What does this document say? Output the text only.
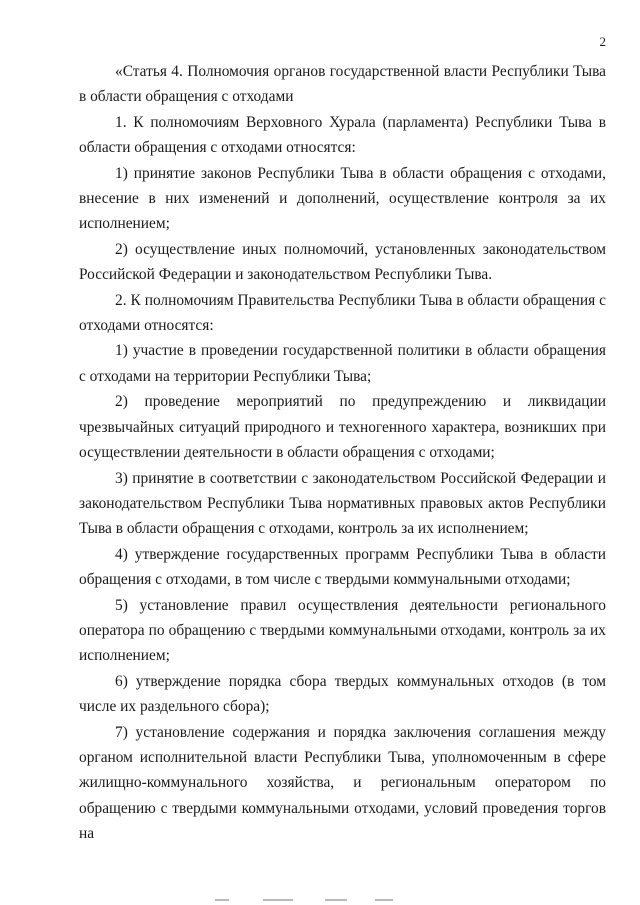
2

«Статья 4. Полномочия органов государственной власти Республики Тыва в области обращения с отходами

1. К полномочиям Верховного Хурала (парламента) Республики Тыва в области обращения с отходами относятся:

1) принятие законов Республики Тыва в области обращения с отходами, внесение в них изменений и дополнений, осуществление контроля за их исполнением;

2) осуществление иных полномочий, установленных законодательством Российской Федерации и законодательством Республики Тыва.

2. К полномочиям Правительства Республики Тыва в области обращения с отходами относятся:

1) участие в проведении государственной политики в области обращения с отходами на территории Республики Тыва;

2) проведение мероприятий по предупреждению и ликвидации чрезвычайных ситуаций природного и техногенного характера, возникших при осуществлении деятельности в области обращения с отходами;

3) принятие в соответствии с законодательством Российской Федерации и законодательством Республики Тыва нормативных правовых актов Республики Тыва в области обращения с отходами, контроль за их исполнением;

4) утверждение государственных программ Республики Тыва в области обращения с отходами, в том числе с твердыми коммунальными отходами;

5) установление правил осуществления деятельности регионального оператора по обращению с твердыми коммунальными отходами, контроль за их исполнением;

6) утверждение порядка сбора твердых коммунальных отходов (в том числе их раздельного сбора);

7) установление содержания и порядка заключения соглашения между органом исполнительной власти Республики Тыва, уполномоченным в сфере жилищно-коммунального хозяйства, и региональным оператором по обращению с твердыми коммунальными отходами, условий проведения торгов на
